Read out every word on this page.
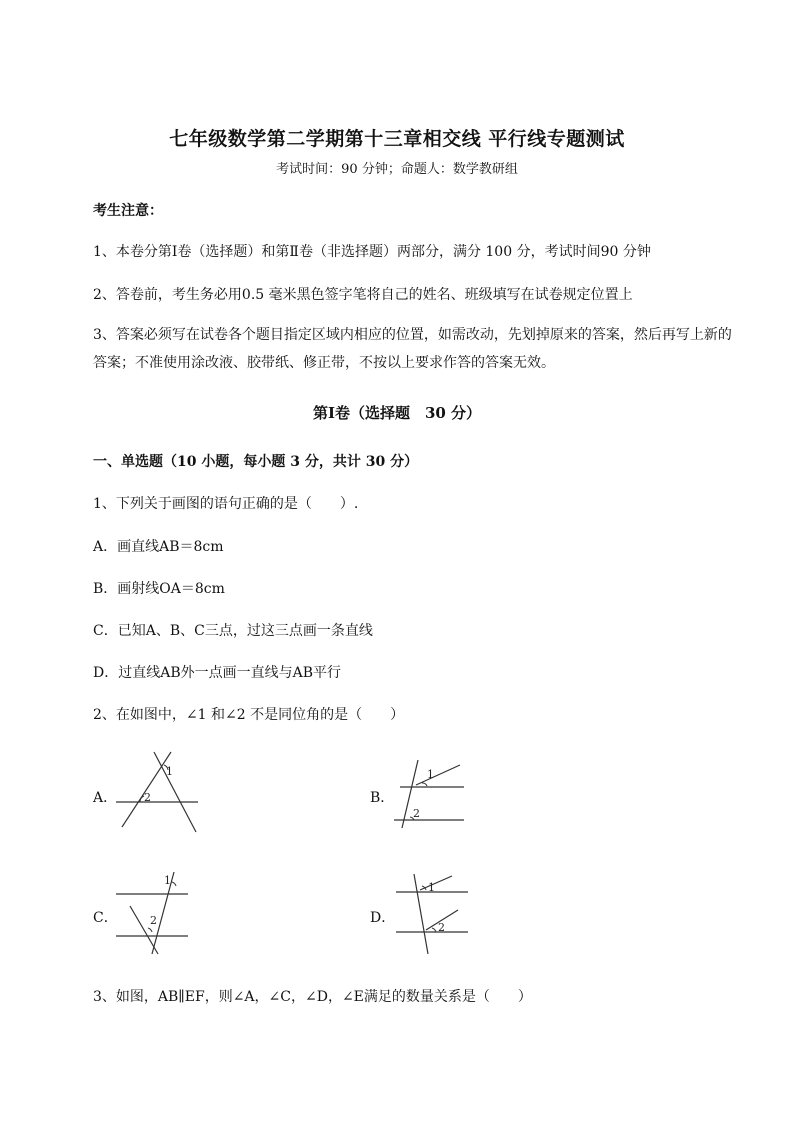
七年级数学第二学期第十三章相交线 平行线专题测试
考试时间：90 分钟；命题人：数学教研组
考生注意：
1、本卷分第Ⅰ卷（选择题）和第Ⅱ卷（非选择题）两部分，满分 100 分，考试时间90 分钟
2、答卷前，考生务必用0.5 毫米黑色签字笔将自己的姓名、班级填写在试卷规定位置上
3、答案必须写在试卷各个题目指定区域内相应的位置，如需改动，先划掉原来的答案，然后再写上新的答案；不准使用涂改液、胶带纸、修正带，不按以上要求作答的答案无效。
第Ⅰ卷（选择题　30 分）
一、单选题（10 小题，每小题 3 分，共计 30 分）
1、下列关于画图的语句正确的是（　　）.
A．画直线AB＝8cm
B．画射线OA＝8cm
C．已知A、B、C三点，过这三点画一条直线
D．过直线AB外一点画一直线与AB平行
2、在如图中，∠1 和∠2 不是同位角的是（　　）
A．
1
2	B．
1
2
C．
1
2	D．
1
2
3、如图，AB∥EF，则∠A，∠C，∠D，∠E满足的数量关系是（　　）
